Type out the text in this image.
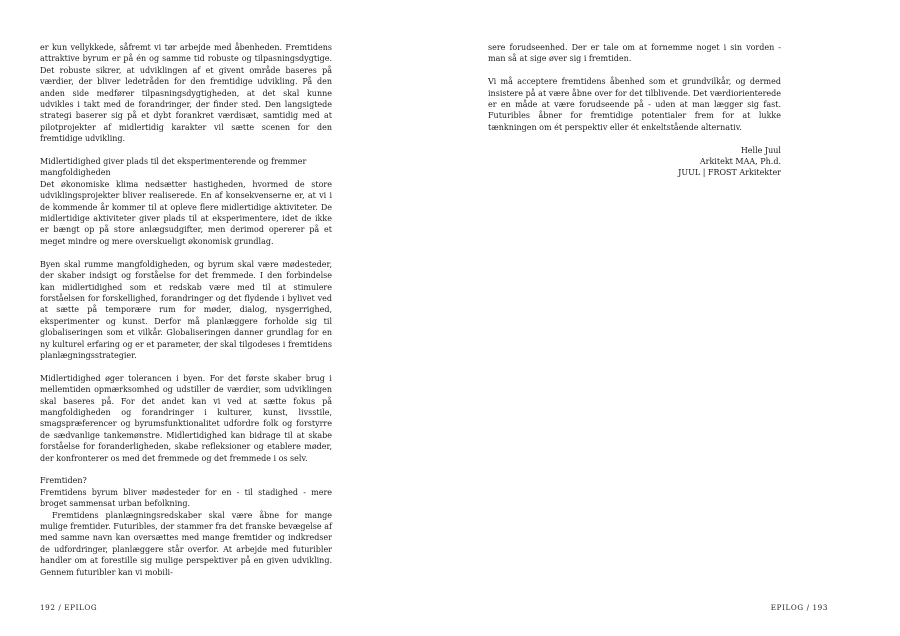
er kun vellykkede, såfremt vi tør arbejde med åbenheden. Fremtidens attraktive byrum er på én og samme tid robuste og tilpasningsdygtige. Det robuste sikrer, at udviklingen af et givent område baseres på værdier, der bliver ledetråden for den fremtidige udvikling. På den anden side medfører tilpasningsdygtigheden, at det skal kunne udvikles i takt med de forandringer, der finder sted. Den langsigtede strategi baserer sig på et dybt forankret værdisæt, samtidig med at pilotprojekter af midlertidig karakter vil sætte scenen for den fremtidige udvikling.

Midlertidighed giver plads til det eksperimenterende og fremmer mangfoldigheden

Det økonomiske klima nedsætter hastigheden, hvormed de store udviklingsprojekter bliver realiserede. En af konsekvenserne er, at vi i de kommende år kommer til at opleve flere midlertidige aktiviteter. De midlertidige aktiviteter giver plads til at eksperimentere, idet de ikke er bængt op på store anlægsudgifter, men derimod opererer på et meget mindre og mere overskueligt økonomisk grundlag.

Byen skal rumme mangfoldigheden, og byrum skal være mødesteder, der skaber indsigt og forståelse for det fremmede. I den forbindelse kan midlertidighed som et redskab være med til at stimulere forståelsen for forskellighed, forandringer og det flydende i bylivet ved at sætte på temporære rum for møder, dialog, nysgerrighed, eksperimenter og kunst. Derfor må planlæggere forholde sig til globaliseringen som et vilkår. Globaliseringen danner grundlag for en ny kulturel erfaring og er et parameter, der skal tilgodeses i fremtidens planlægningsstrategier.

Midlertidighed øger tolerancen i byen. For det første skaber brug i mellemtiden opmærksomhed og udstiller de værdier, som udviklingen skal baseres på. For det andet kan vi ved at sætte fokus på mangfoldigheden og forandringer i kulturer, kunst, livsstile, smagspræferencer og byrumsfunktionalitet udfordre folk og forstyrre de sædvanlige tankemønstre. Midlertidighed kan bidrage til at skabe forståelse for foranderligheden, skabe refleksioner og etablere møder, der konfronterer os med det fremmede og det fremmede i os selv.

Fremtiden?

Fremtidens byrum bliver mødesteder for en - til stadighed - mere broget sammensat urban befolkning.

Fremtidens planlægningsredskaber skal være åbne for mange mulige fremtider. Futuribles, der stammer fra det franske bevægelse af med samme navn kan oversættes med mange fremtider og indkredser de udfordringer, planlæggere står overfor. At arbejde med futuribler handler om at forestille sig mulige perspektiver på en given udvikling. Gennem futuribler kan vi mobili-

192 / EPILOG

sere forudseenhed. Der er tale om at fornemme noget i sin vorden - man så at sige øver sig i fremtiden.

Vi må acceptere fremtidens åbenhed som et grundvilkår, og dermed insistere på at være åbne over for det tilblivende. Det værdiorienterede er en måde at være forudseende på - uden at man lægger sig fast. Futuribles åbner for fremtidige potentialer frem for at lukke tænkningen om ét perspektiv eller ét enkeltstående alternativ.

Helle Juul
Arkitekt MAA, Ph.d.
JUUL | FROST Arkitekter
EPILOG / 193
